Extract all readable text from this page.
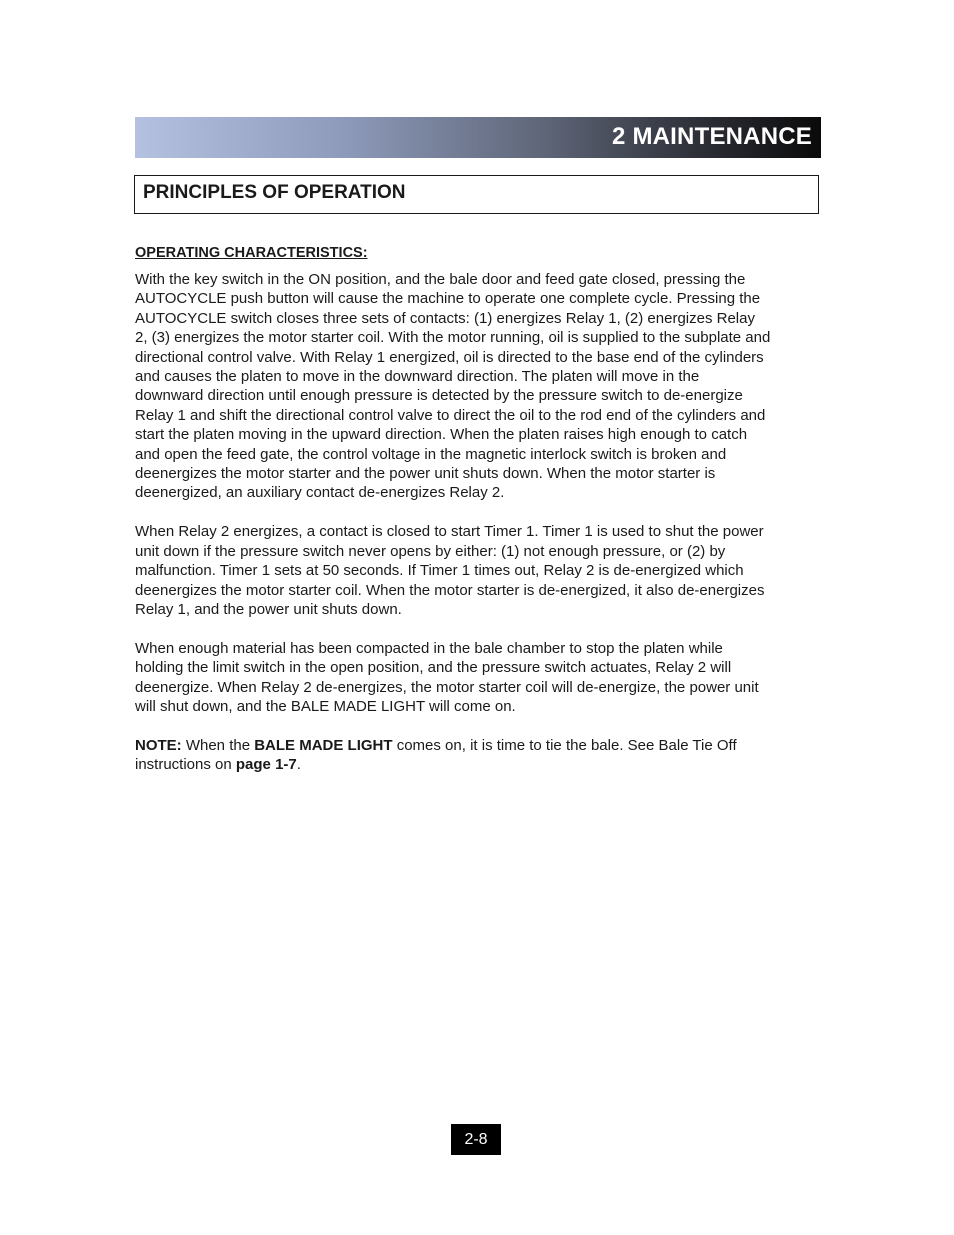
2 MAINTENANCE
PRINCIPLES OF OPERATION
OPERATING CHARACTERISTICS:
With the key switch in the ON position, and the bale door and feed gate closed, pressing the
AUTOCYCLE push button will cause the machine to operate one complete cycle. Pressing the
AUTOCYCLE switch closes three sets of contacts: (1) energizes Relay 1, (2) energizes Relay
2, (3) energizes the motor starter coil. With the motor running, oil is supplied to the subplate and
directional control valve. With Relay 1 energized, oil is directed to the base end of the cylinders
and causes the platen to move in the downward direction. The platen will move in the
downward direction until enough pressure is detected by the pressure switch to de-energize
Relay 1 and shift the directional control valve to direct the oil to the rod end of the cylinders and
start the platen moving in the upward direction. When the platen raises high enough to catch
and open the feed gate, the control voltage in the magnetic interlock switch is broken and
deenergizes the motor starter and the power unit shuts down. When the motor starter is
deenergized, an auxiliary contact de-energizes Relay 2.
When Relay 2 energizes, a contact is closed to start Timer 1. Timer 1 is used to shut the power
unit down if the pressure switch never opens by either: (1) not enough pressure, or (2) by
malfunction. Timer 1 sets at 50 seconds. If Timer 1 times out, Relay 2 is de-energized which
deenergizes the motor starter coil. When the motor starter is de-energized, it also de-energizes
Relay 1, and the power unit shuts down.
When enough material has been compacted in the bale chamber to stop the platen while
holding the limit switch in the open position, and the pressure switch actuates, Relay 2 will
deenergize. When Relay 2 de-energizes, the motor starter coil will de-energize, the power unit
will shut down, and the BALE MADE LIGHT will come on.
NOTE: When the BALE MADE LIGHT comes on, it is time to tie the bale. See Bale Tie Off
instructions on page 1-7.
2-8
